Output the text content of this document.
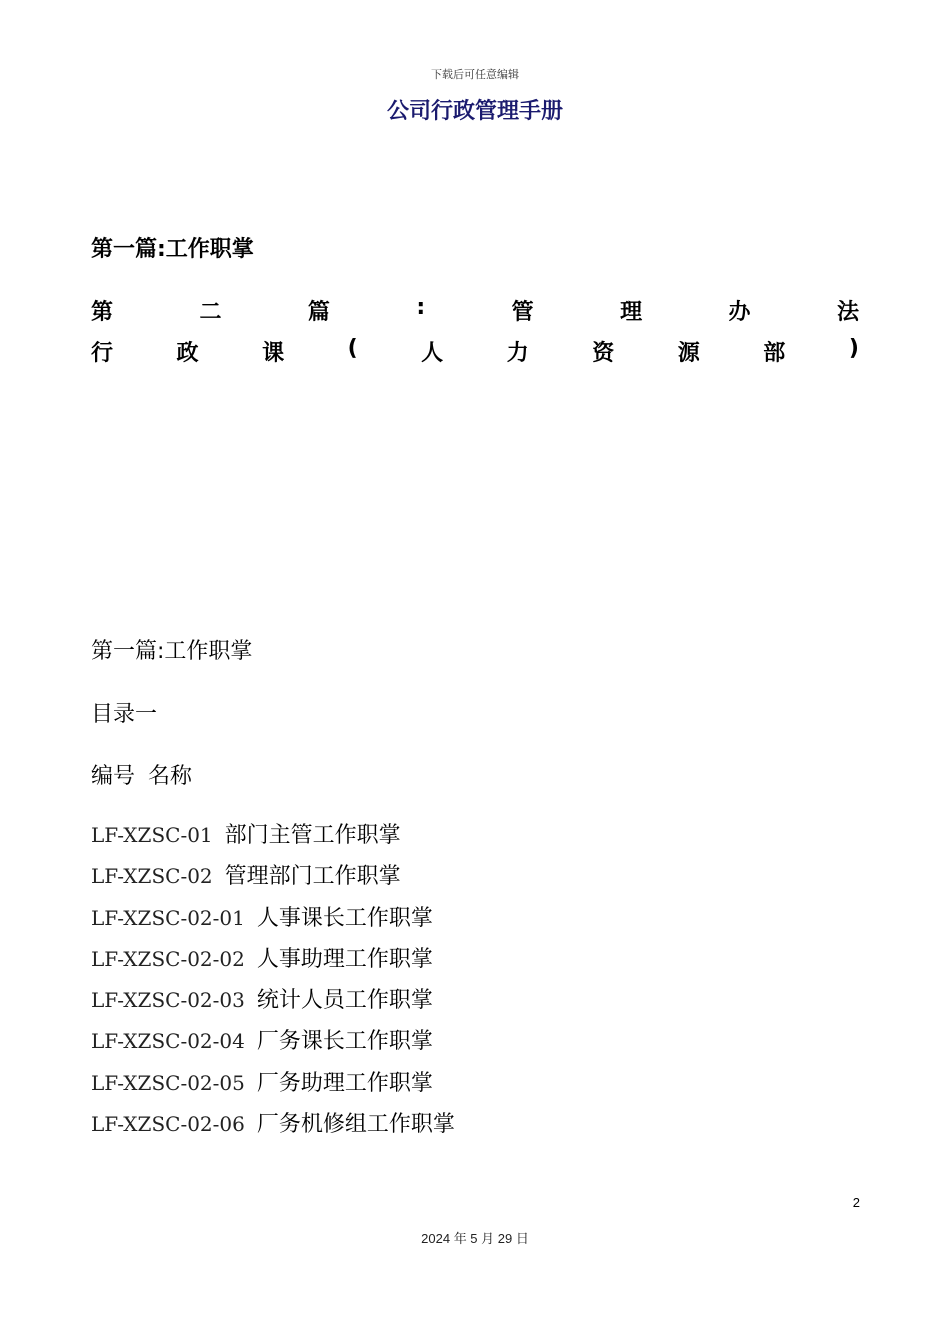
下载后可任意编辑
公司行政管理手册
第一篇:工作职掌
第	二	篇	:	管	理	办	法
行	政	课	(	人	力	资	源	部	)
第一篇:工作职掌
目录一
编号 名称
LF-XZSC-01 部门主管工作职掌
LF-XZSC-02 管理部门工作职掌
LF-XZSC-02-01 人事课长工作职掌
LF-XZSC-02-02 人事助理工作职掌
LF-XZSC-02-03 统计人员工作职掌
LF-XZSC-02-04 厂务课长工作职掌
LF-XZSC-02-05 厂务助理工作职掌
LF-XZSC-02-06 厂务机修组工作职掌
2
2024 年 5 月 29 日
